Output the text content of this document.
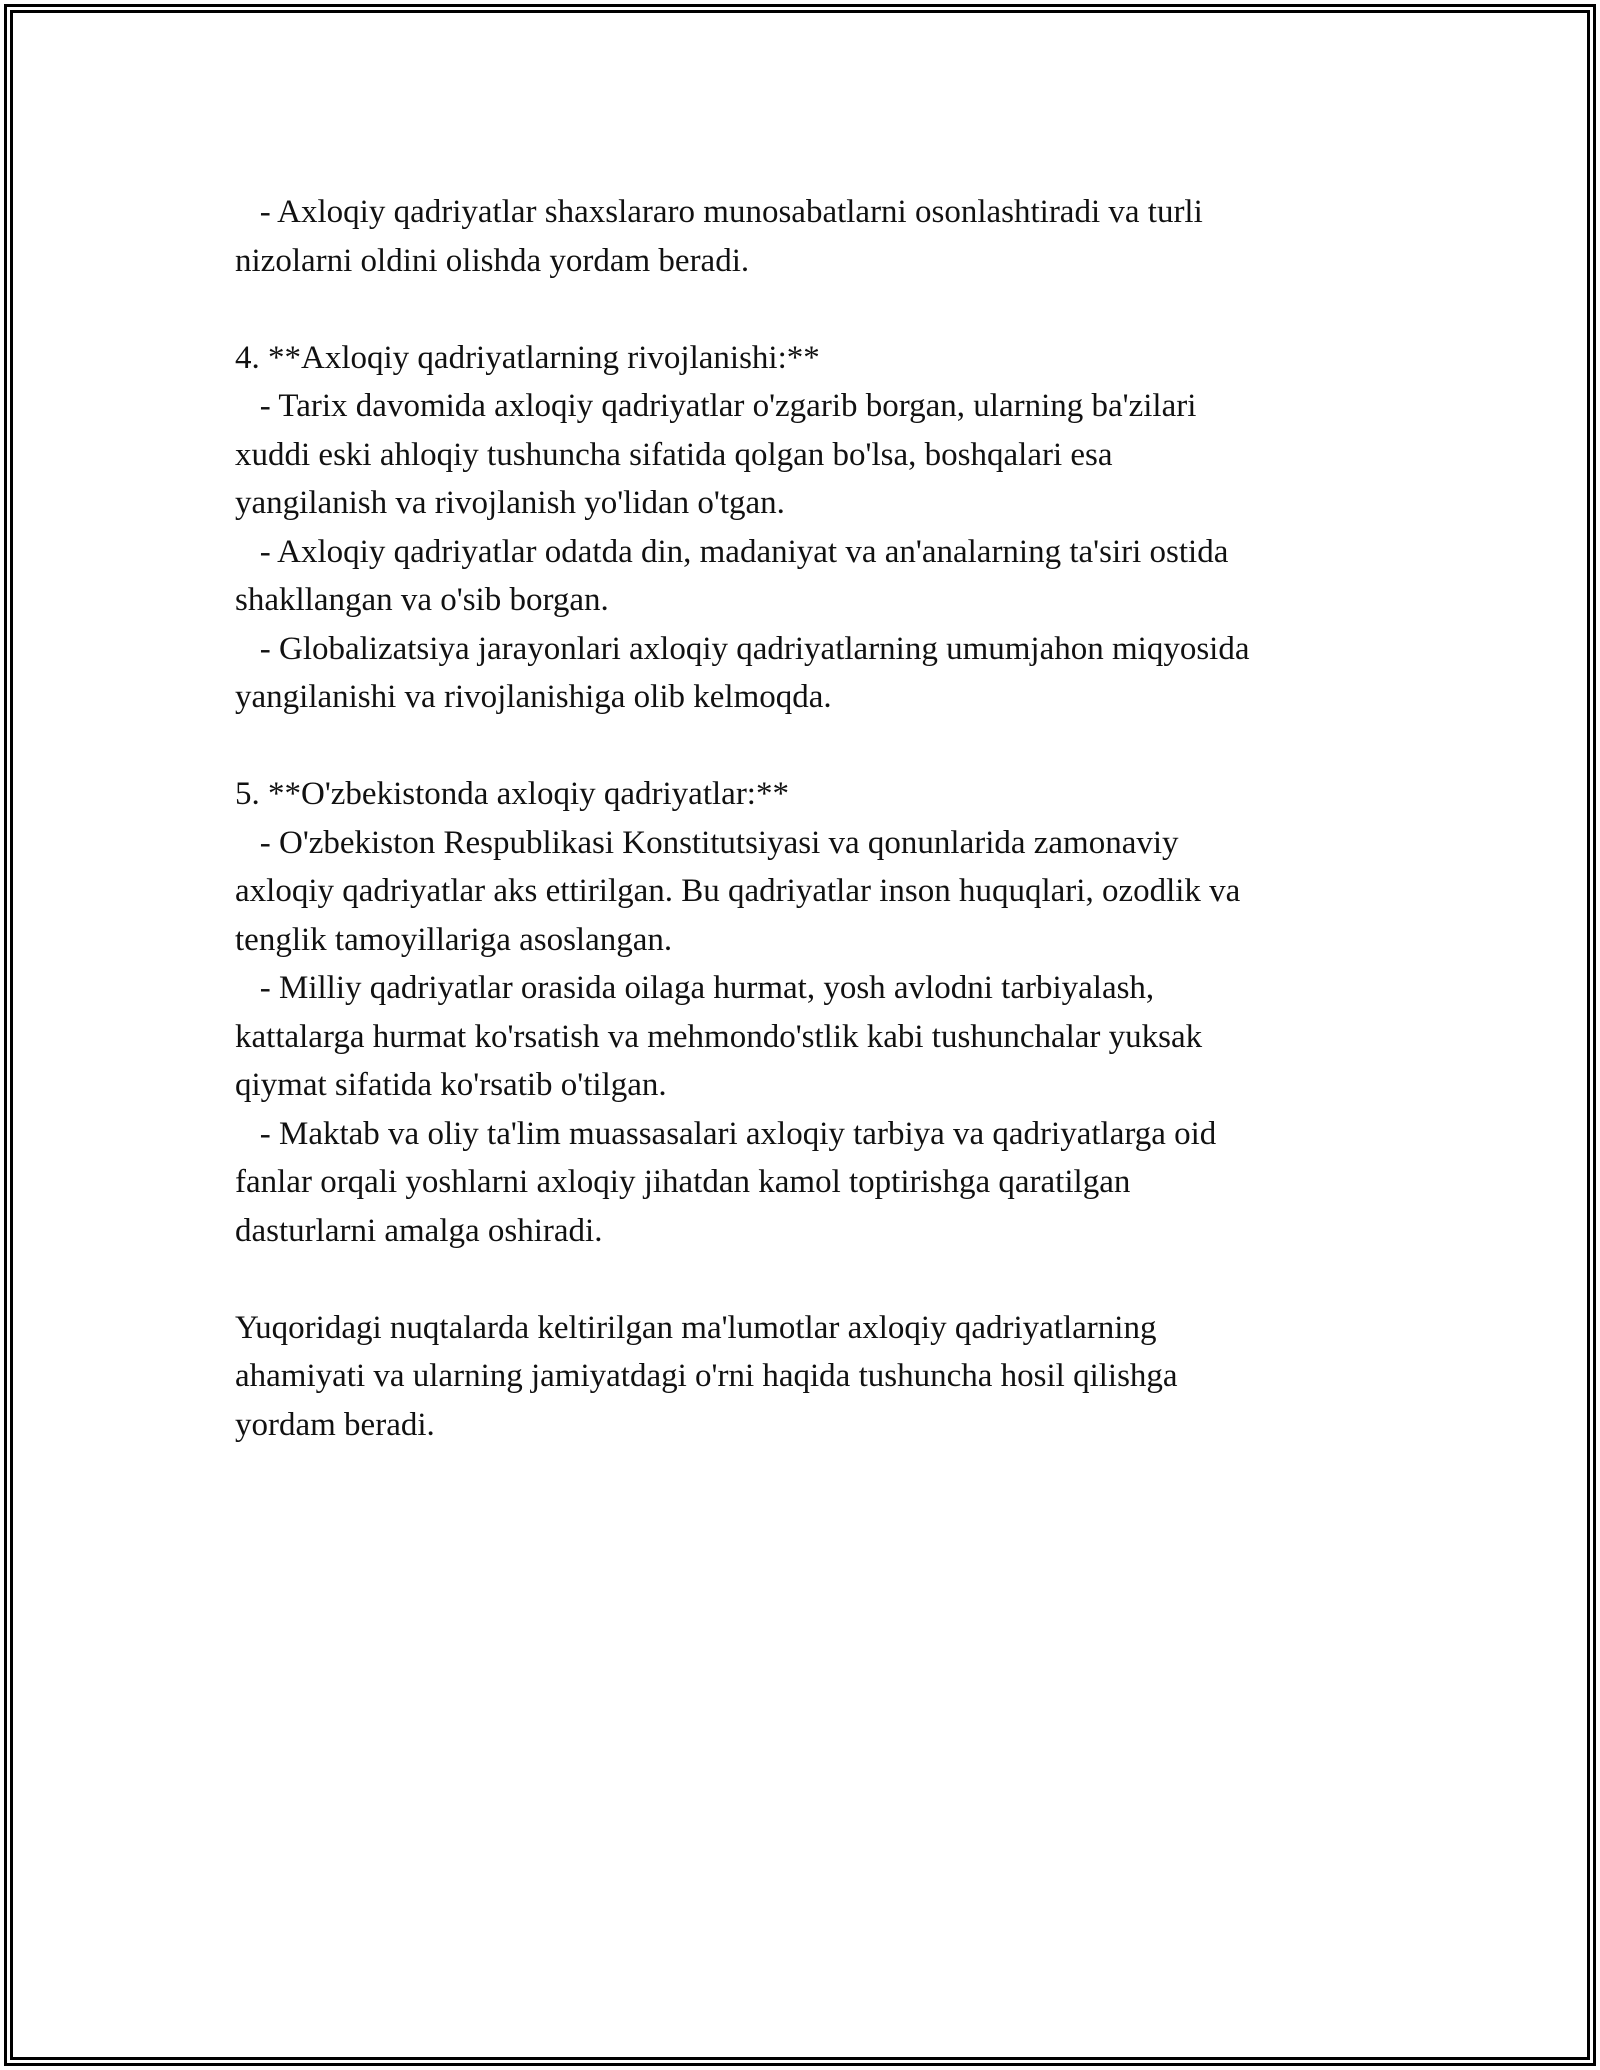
- Axloqiy qadriyatlar shaxslararo munosabatlarni osonlashtiradi va turli
nizolarni oldini olishda yordam beradi.
4. **Axloqiy qadriyatlarning rivojlanishi:**
- Tarix davomida axloqiy qadriyatlar o'zgarib borgan, ularning ba'zilari
xuddi eski ahloqiy tushuncha sifatida qolgan bo'lsa, boshqalari esa
yangilanish va rivojlanish yo'lidan o'tgan.
- Axloqiy qadriyatlar odatda din, madaniyat va an'analarning ta'siri ostida
shakllangan va o'sib borgan.
- Globalizatsiya jarayonlari axloqiy qadriyatlarning umumjahon miqyosida
yangilanishi va rivojlanishiga olib kelmoqda.
5. **O'zbekistonda axloqiy qadriyatlar:**
- O'zbekiston Respublikasi Konstitutsiyasi va qonunlarida zamonaviy
axloqiy qadriyatlar aks ettirilgan. Bu qadriyatlar inson huquqlari, ozodlik va
tenglik tamoyillariga asoslangan.
- Milliy qadriyatlar orasida oilaga hurmat, yosh avlodni tarbiyalash,
kattalarga hurmat ko'rsatish va mehmondo'stlik kabi tushunchalar yuksak
qiymat sifatida ko'rsatib o'tilgan.
- Maktab va oliy ta'lim muassasalari axloqiy tarbiya va qadriyatlarga oid
fanlar orqali yoshlarni axloqiy jihatdan kamol toptirishga qaratilgan
dasturlarni amalga oshiradi.
Yuqoridagi nuqtalarda keltirilgan ma'lumotlar axloqiy qadriyatlarning
ahamiyati va ularning jamiyatdagi o'rni haqida tushuncha hosil qilishga
yordam beradi.
